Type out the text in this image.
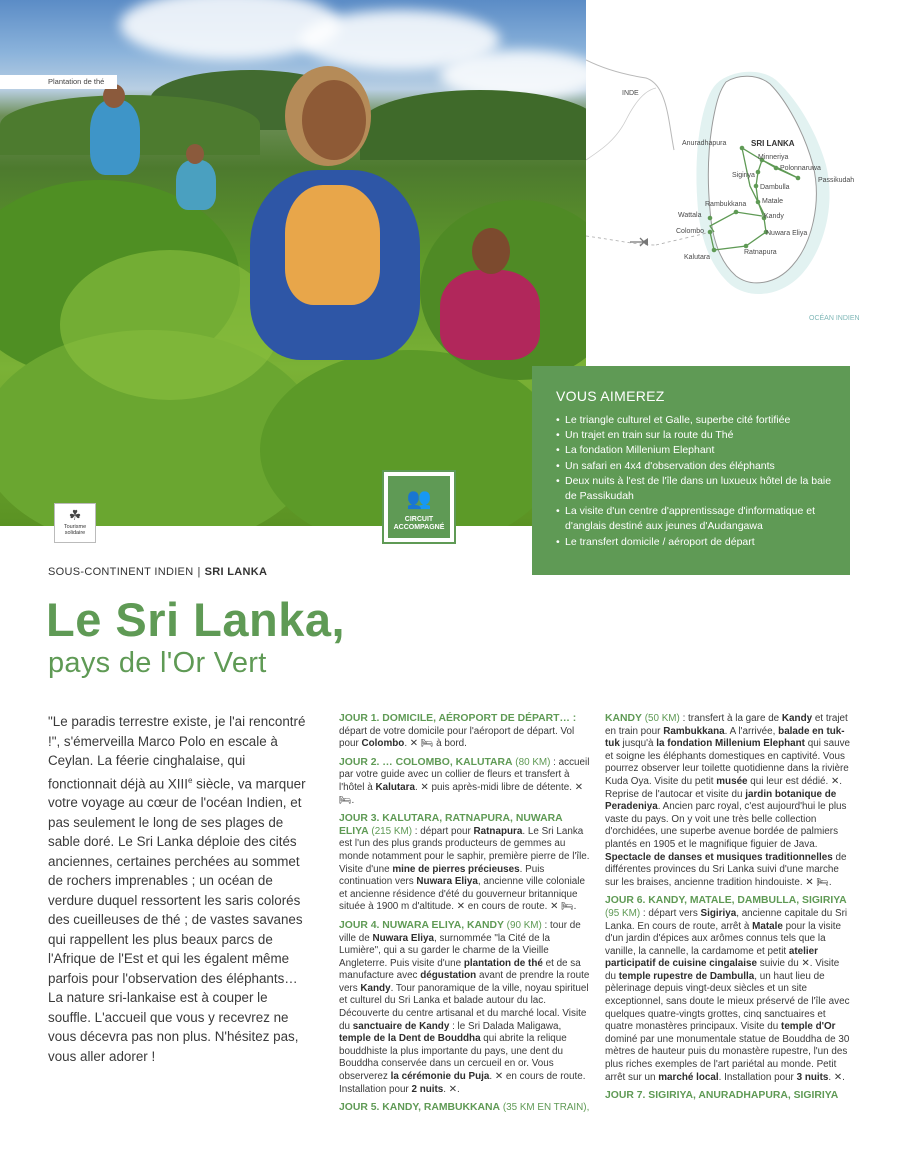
Plantation de thé
☘
Tourisme
solidaire
👥
CIRCUIT
ACCOMPAGNÉ
INDE
SRI LANKA
Anuradhapura
Minneriya
Polonnaruwa
Sigiriya
Passikudah
Dambulla
Matale
Rambukkana
Kandy
Wattala
Colombo	Nuwara Eliya
Ratnapura
Kalutara
OCÉAN INDIEN
VOUS AIMEREZ
• Le triangle culturel et Galle, superbe cité fortifiée
• Un trajet en train sur la route du Thé
• La fondation Millenium Elephant
• Un safari en 4x4 d'observation des éléphants
• Deux nuits à l'est de l'île dans un luxueux hôtel de la baie de Passikudah
• La visite d'un centre d'apprentissage d'informatique et d'anglais destiné aux jeunes d'Audangawa
• Le transfert domicile / aéroport de départ
SOUS-CONTINENT INDIEN | SRI LANKA
Le Sri Lanka,
pays de l'Or Vert
"Le paradis terrestre existe, je l'ai rencontré !", s'émerveilla Marco Polo en escale à Ceylan. La féerie cinghalaise, qui fonctionnait déjà au XIIIe siècle, va marquer votre voyage au cœur de l'océan Indien, et pas seulement le long de ses plages de sable doré. Le Sri Lanka déploie des cités anciennes, certaines perchées au sommet de rochers imprenables ; un océan de verdure duquel ressortent les saris colorés des cueilleuses de thé ; de vastes savanes qui rappellent les plus beaux parcs de l'Afrique de l'Est et qui les égalent même parfois pour l'observation des éléphants… La nature sri-lankaise est à couper le souffle. L'accueil que vous y recevrez ne vous décevra pas non plus. N'hésitez pas, vous aller adorer !

JOUR 1. DOMICILE, AÉROPORT DE DÉPART… : départ de votre domicile pour l'aéroport de départ. Vol pour Colombo. ✕ 🛏 à bord.

JOUR 2. … COLOMBO, KALUTARA (80 KM) : accueil par votre guide avec un collier de fleurs et transfert à l'hôtel à Kalutara. ✕ puis après-midi libre de détente. ✕ 🛏.

JOUR 3. KALUTARA, RATNAPURA, NUWARA ELIYA (215 KM) : départ pour Ratnapura. Le Sri Lanka est l'un des plus grands producteurs de gemmes au monde notamment pour le saphir, première pierre de l'île. Visite d'une mine de pierres précieuses. Puis continuation vers Nuwara Eliya, ancienne ville coloniale et ancienne résidence d'été du gouverneur britannique située à 1900 m d'altitude. ✕ en cours de route. ✕ 🛏.

JOUR 4. NUWARA ELIYA, KANDY (90 KM) : tour de ville de Nuwara Eliya, surnommée "la Cité de la Lumière", qui a su garder le charme de la Vieille Angleterre. Puis visite d'une plantation de thé et de sa manufacture avec dégustation avant de prendre la route vers Kandy. Tour panoramique de la ville, noyau spirituel et culturel du Sri Lanka et balade autour du lac. Découverte du centre artisanal et du marché local. Visite du sanctuaire de Kandy : le Sri Dalada Maligawa, temple de la Dent de Bouddha qui abrite la relique bouddhiste la plus importante du pays, une dent du Bouddha conservée dans un cercueil en or. Vous observerez la cérémonie du Puja. ✕ en cours de route. Installation pour 2 nuits. ✕.

JOUR 5. KANDY, RAMBUKKANA (35 KM EN TRAIN),

KANDY (50 KM) : transfert à la gare de Kandy et trajet en train pour Rambukkana. A l'arrivée, balade en tuk-tuk jusqu'à la fondation Millenium Elephant qui sauve et soigne les éléphants domestiques en captivité. Vous pourrez observer leur toilette quotidienne dans la rivière Kuda Oya. Visite du petit musée qui leur est dédié. ✕. Reprise de l'autocar et visite du jardin botanique de Peradeniya. Ancien parc royal, c'est aujourd'hui le plus vaste du pays. On y voit une très belle collection d'orchidées, une superbe avenue bordée de palmiers plantés en 1905 et le magnifique figuier de Java. Spectacle de danses et musiques traditionnelles de différentes provinces du Sri Lanka suivi d'une marche sur les braises, ancienne tradition hindouiste. ✕ 🛏.

JOUR 6. KANDY, MATALE, DAMBULLA, SIGIRIYA (95 KM) : départ vers Sigiriya, ancienne capitale du Sri Lanka. En cours de route, arrêt à Matale pour la visite d'un jardin d'épices aux arômes connus tels que la vanille, la cannelle, la cardamome et petit atelier participatif de cuisine cingalaise suivie du ✕. Visite du temple rupestre de Dambulla, un haut lieu de pèlerinage depuis vingt-deux siècles et un site exceptionnel, sans doute le mieux préservé de l'île avec quelques quatre-vingts grottes, cinq sanctuaires et quatre monastères principaux. Visite du temple d'Or dominé par une monumentale statue de Bouddha de 30 mètres de hauteur puis du monastère rupestre, l'un des plus riches exemples de l'art pariétal au monde. Petit arrêt sur un marché local. Installation pour 3 nuits. ✕.

JOUR 7. SIGIRIYA, ANURADHAPURA, SIGIRIYA
